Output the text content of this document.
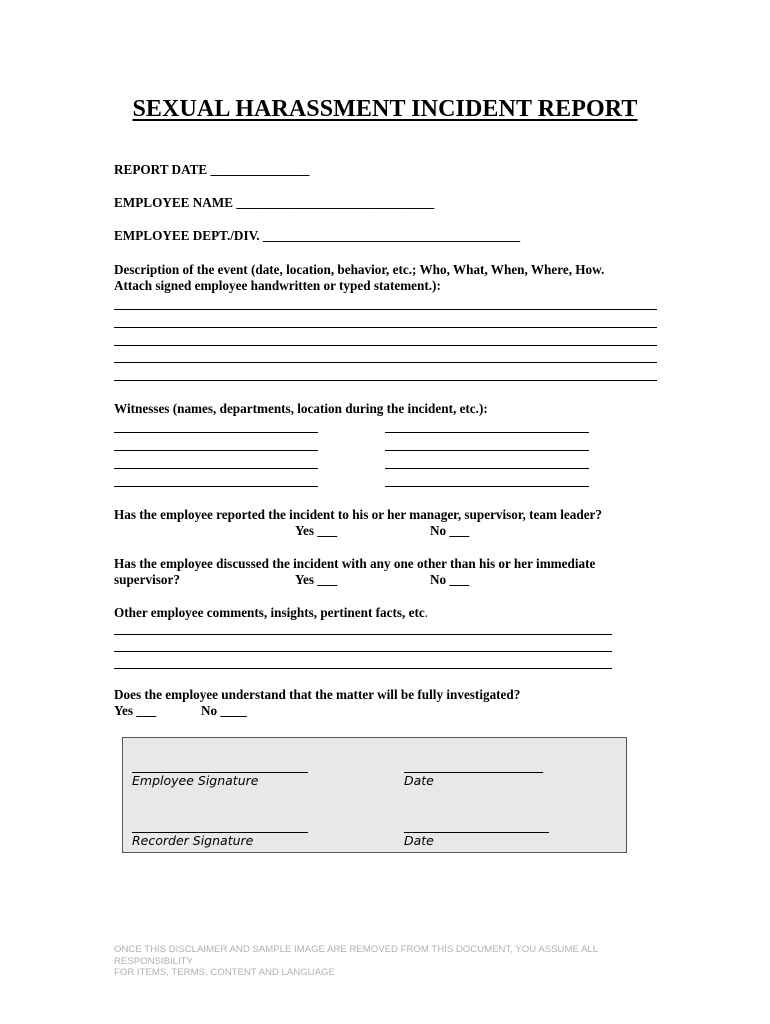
SEXUAL HARASSMENT INCIDENT REPORT
REPORT DATE _______________
EMPLOYEE NAME ______________________________
EMPLOYEE DEPT./DIV. _______________________________________
Description of the event (date, location, behavior, etc.; Who, What, When, Where, How.
Attach signed employee handwritten or typed statement.):
Witnesses (names, departments, location during the incident, etc.):
Has the employee reported the incident to his or her manager, supervisor, team leader?
Yes ___	No ___
Has the employee discussed the incident with any one other than his or her immediate
supervisor?	Yes ___	No ___
Other employee comments, insights, pertinent facts, etc.
Does the employee understand that the matter will be fully investigated?
Yes ___	No ____
Employee Signature	Date
Recorder Signature	Date
ONCE THIS DISCLAIMER AND SAMPLE IMAGE ARE REMOVED FROM THIS DOCUMENT, YOU ASSUME ALL RESPONSIBILITY
FOR ITEMS, TERMS, CONTENT AND LANGUAGE
